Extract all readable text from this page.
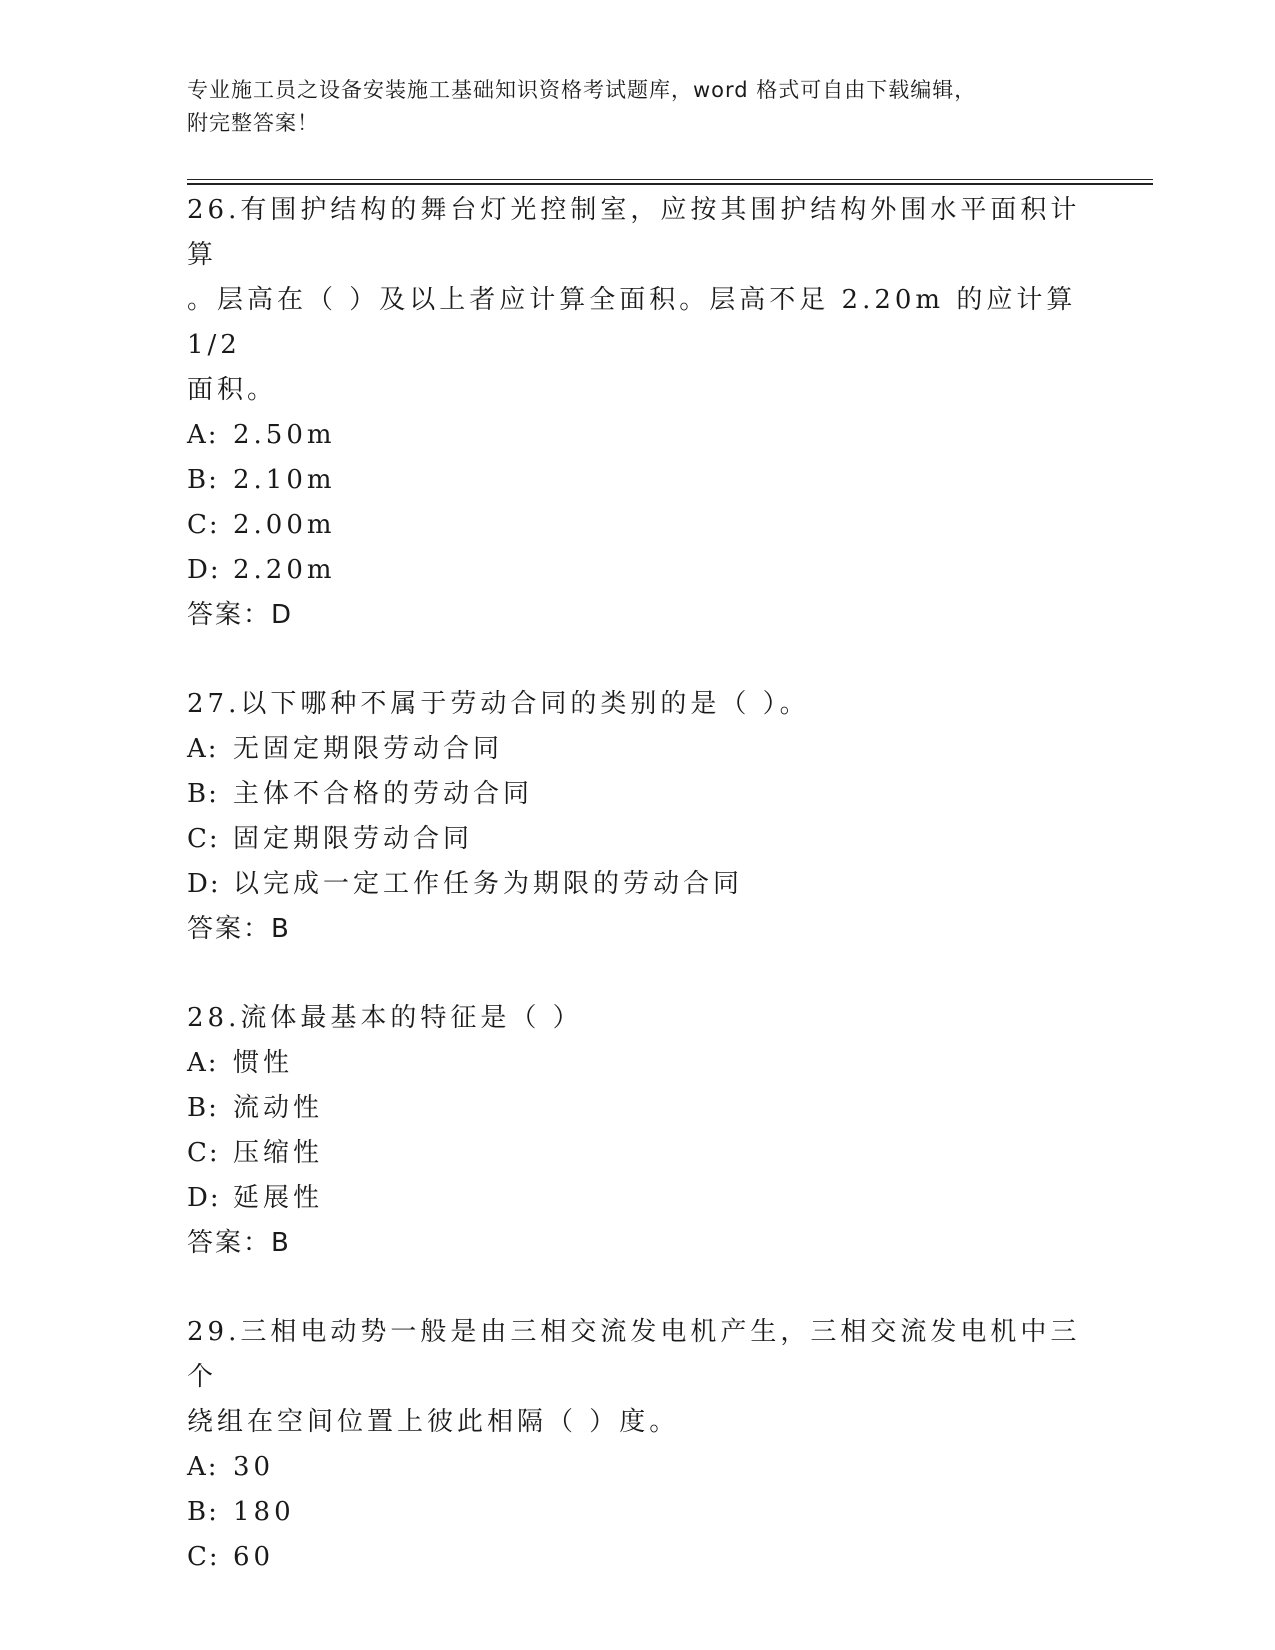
专业施工员之设备安装施工基础知识资格考试题库，word 格式可自由下载编辑，
附完整答案！

26.有围护结构的舞台灯光控制室，应按其围护结构外围水平面积计算

。层高在（ ）及以上者应计算全面积。层高不足 2.20m 的应计算 1/2

面积。

A: 2.50m
B: 2.10m
C: 2.00m
D: 2.20m

答案：D

27.以下哪种不属于劳动合同的类别的是（ ）。

A: 无固定期限劳动合同
B: 主体不合格的劳动合同
C: 固定期限劳动合同
D: 以完成一定工作任务为期限的劳动合同

答案：B

28.流体最基本的特征是（ ）

A: 惯性
B: 流动性
C: 压缩性
D: 延展性

答案：B

29.三相电动势一般是由三相交流发电机产生，三相交流发电机中三个

绕组在空间位置上彼此相隔（ ）度。

A: 30
B: 180
C: 60
